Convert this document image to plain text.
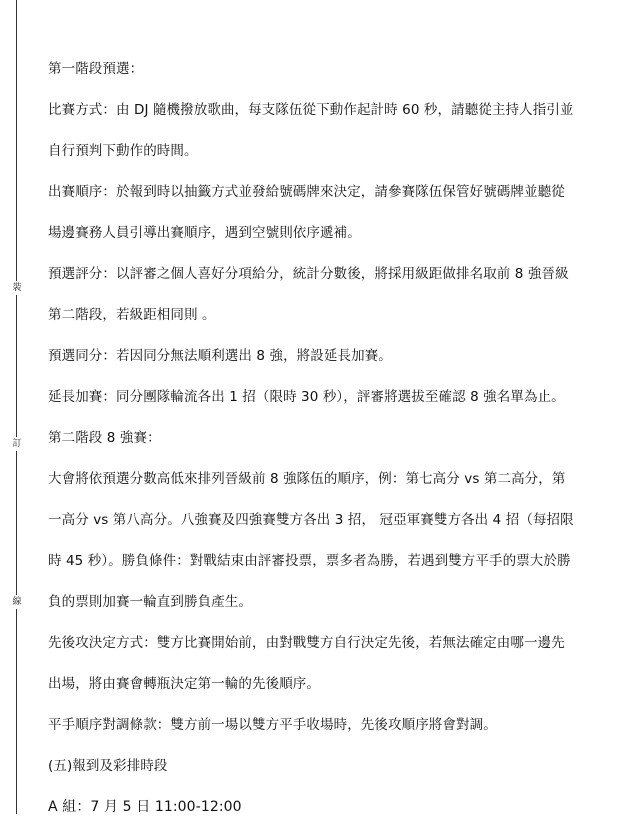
裝
訂
線
第一階段預選：
比賽方式：由 DJ 隨機撥放歌曲，每支隊伍從下動作起計時 60 秒，請聽從主持人指引並
自行預判下動作的時間。
出賽順序：於報到時以抽籤方式並發給號碼牌來決定，請參賽隊伍保管好號碼牌並聽從
場邊賽務人員引導出賽順序，遇到空號則依序遞補。
預選評分：以評審之個人喜好分項給分，統計分數後，將採用級距做排名取前 8 強晉級
第二階段，若級距相同則 。
預選同分：若因同分無法順利選出 8 強，將設延長加賽。
延長加賽：同分團隊輪流各出 1 招（限時 30 秒），評審將選拔至確認 8 強名單為止。
第二階段 8 強賽：
大會將依預選分數高低來排列晉級前 8 強隊伍的順序，例：第七高分 vs 第二高分，第
一高分 vs 第八高分。八強賽及四強賽雙方各出 3 招， 冠亞軍賽雙方各出 4 招（每招限
時 45 秒）。勝負條件：對戰結束由評審投票，票多者為勝，若遇到雙方平手的票大於勝
負的票則加賽一輪直到勝負產生。
先後攻決定方式：雙方比賽開始前，由對戰雙方自行決定先後，若無法確定由哪一邊先
出場，將由賽會轉瓶決定第一輪的先後順序。
平手順序對調條款：雙方前一場以雙方平手收場時，先後攻順序將會對調。
(五)報到及彩排時段
A 組：7 月 5 日 11:00-12:00
